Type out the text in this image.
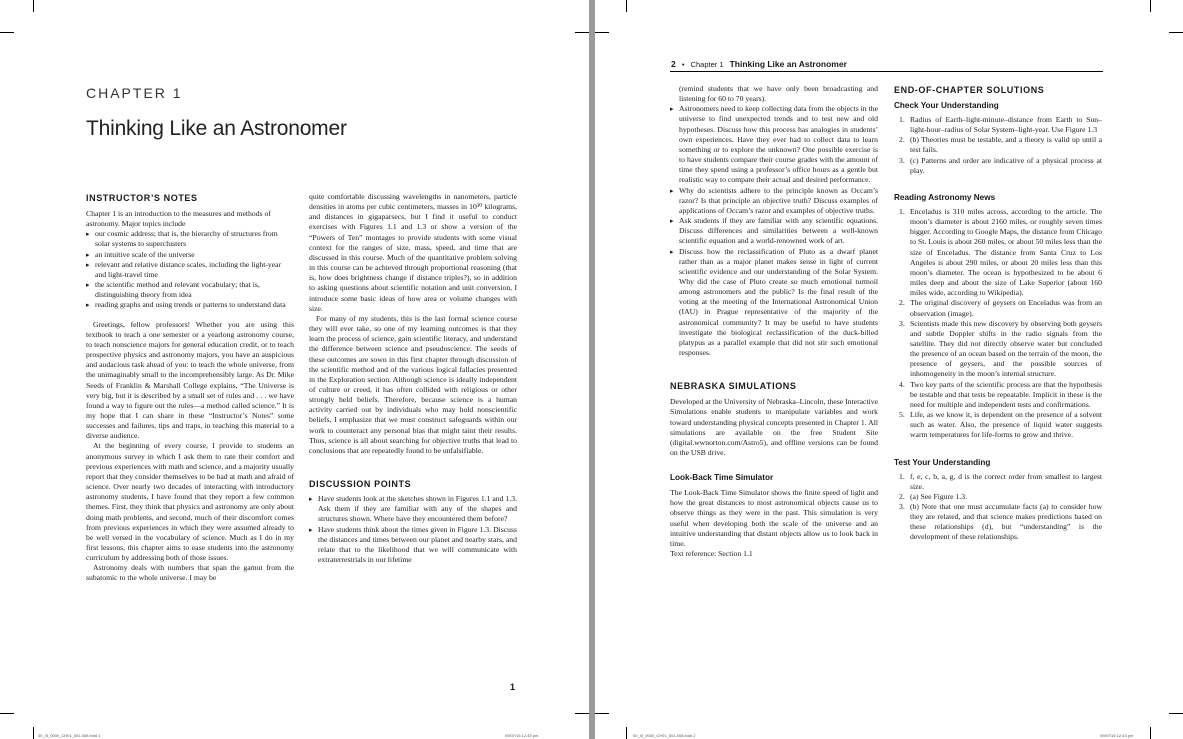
CHAPTER 1
Thinking Like an Astronomer
INSTRUCTOR’S NOTES

Chapter 1 is an introduction to the measures and methods of astronomy. Major topics include

▸ our cosmic address; that is, the hierarchy of structures from solar systems to superclusters
▸ an intuitive scale of the universe
▸ relevant and relative distance scales, including the light-year and light-travel time
▸ the scientific method and relevant vocabulary; that is, distinguishing theory from idea
▸ reading graphs and using trends or patterns to understand data

Greetings, fellow professors! Whether you are using this textbook to teach a one semester or a yearlong astronomy course, to teach nonscience majors for general education credit, or to teach prospective physics and astronomy majors, you have an auspicious and audacious task ahead of you: to teach the whole universe, from the unimaginably small to the incomprehensibly large. As Dr. Mike Seeds of Franklin & Marshall College explains, “The Universe is very big, but it is described by a small set of rules and . . . we have found a way to figure out the rules—a method called science.” It is my hope that I can share in these “Instructor’s Notes” some successes and failures, tips and traps, in teaching this material to a diverse audience.

At the beginning of every course, I provide to students an anonymous survey in which I ask them to rate their comfort and previous experiences with math and science, and a majority usually report that they consider themselves to be bad at math and afraid of science. Over nearly two decades of interacting with introductory astronomy students, I have found that they report a few common themes. First, they think that physics and astronomy are only about doing math problems, and second, much of their discomfort comes from previous experiences in which they were assumed already to be well versed in the vocabulary of science. Much as I do in my first lessons, this chapter aims to ease students into the astronomy curriculum by addressing both of those issues.

Astronomy deals with numbers that span the gamut from the subatomic to the whole universe. I may be

quite comfortable discussing wavelengths in nanometers, particle densities in atoms per cubic centimeters, masses in 10³⁰ kilograms, and distances in gigaparsecs, but I find it useful to conduct exercises with Figures 1.1 and 1.3 or show a version of the “Powers of Ten” montages to provide students with some visual context for the ranges of size, mass, speed, and time that are discussed in this course. Much of the quantitative problem solving in this course can be achieved through proportional reasoning (that is, how does brightness change if distance triples?), so in addition to asking questions about scientific notation and unit conversion, I introduce some basic ideas of how area or volume changes with size.

For many of my students, this is the last formal science course they will ever take, so one of my learning outcomes is that they learn the process of science, gain scientific literacy, and understand the difference between science and pseudoscience. The seeds of these outcomes are sown in this first chapter through discussion of the scientific method and of the various logical fallacies presented in the Exploration section. Although science is ideally independent of culture or creed, it has often collided with religious or other strongly held beliefs. Therefore, because science is a human activity carried out by individuals who may hold nonscientific beliefs, I emphasize that we must construct safeguards within our work to counteract any personal bias that might taint their results. Thus, science is all about searching for objective truths that lead to conclusions that are repeatedly found to be unfalsifiable.

DISCUSSION POINTS
▸ Have students look at the sketches shown in Figures 1.1 and 1.3. Ask them if they are familiar with any of the shapes and structures shown. Where have they encountered them before?
▸ Have students think about the times given in Figure 1.3. Discuss the distances and times between our planet and nearby stars, and relate that to the likelihood that we will communicate with extraterrestrials in our lifetime
1
00_III_0000_CH01_001-008.indd 1	09/07/16 12:43 pm
2 • Chapter 1 Thinking Like an Astronomer

(remind students that we have only been broadcasting and listening for 60 to 70 years).

▸ Astronomers need to keep collecting data from the objects in the universe to find unexpected trends and to test new and old hypotheses. Discuss how this process has analogies in students’ own experiences. Have they ever had to collect data to learn something or to explore the unknown? One possible exercise is to have students compare their course grades with the amount of time they spend using a professor’s office hours as a gentle but realistic way to compare their actual and desired performance.
▸ Why do scientists adhere to the principle known as Occam’s razor? Is that principle an objective truth? Discuss examples of applications of Occam’s razor and examples of objective truths.
▸ Ask students if they are familiar with any scientific equations. Discuss differences and similarities between a well-known scientific equation and a world-renowned work of art.
▸ Discuss how the reclassification of Pluto as a dwarf planet rather than as a major planet makes sense in light of current scientific evidence and our understanding of the Solar System. Why did the case of Pluto create so much emotional turmoil among astronomers and the public? Is the final result of the voting at the meeting of the International Astronomical Union (IAU) in Prague representative of the majority of the astronomical community? It may be useful to have students investigate the biological reclassification of the duck-billed platypus as a parallel example that did not stir such emotional responses.
NEBRASKA SIMULATIONS

Developed at the University of Nebraska–Lincoln, these Interactive Simulations enable students to manipulate variables and work toward understanding physical concepts presented in Chapter 1. All simulations are available on the free Student Site (digital.wwnorton.com/Astro5), and offline versions can be found on the USB drive.

Look-Back Time Simulator

The Look-Back Time Simulator shows the finite speed of light and how the great distances to most astronomical objects cause us to observe things as they were in the past. This simulation is very useful when developing both the scale of the universe and an intuitive understanding that distant objects allow us to look back in time.

Text reference: Section 1.1

END-OF-CHAPTER SOLUTIONS
Check Your Understanding
1. Radius of Earth–light-minute–distance from Earth to Sun–light-hour–radius of Solar System–light-year. Use Figure 1.3
2. (b) Theories must be testable, and a theory is valid up until a test fails.
3. (c) Patterns and order are indicative of a physical process at play.
Reading Astronomy News
1. Enceladus is 310 miles across, according to the article. The moon’s diameter is about 2160 miles, or roughly seven times bigger. According to Google Maps, the distance from Chicago to St. Louis is about 260 miles, or about 50 miles less than the size of Enceladus. The distance from Santa Cruz to Los Angeles is about 290 miles, or about 20 miles less than this moon’s diameter. The ocean is hypothesized to be about 6 miles deep and about the size of Lake Superior (about 160 miles wide, according to Wikipedia).
2. The original discovery of geysers on Enceladus was from an observation (image).
3. Scientists made this new discovery by observing both geysers and subtle Doppler shifts in the radio signals from the satellite. They did not directly observe water but concluded the presence of an ocean based on the terrain of the moon, the presence of geysers, and the possible sources of inhomogeneity in the moon’s internal structure.
4. Two key parts of the scientific process are that the hypothesis be testable and that tests be repeatable. Implicit in these is the need for multiple and independent tests and confirmations.
5. Life, as we know it, is dependent on the presence of a solvent such as water. Also, the presence of liquid water suggests warm temperatures for life-forms to grow and thrive.
Test Your Understanding
1. f, e, c, b, a, g, d is the correct order from smallest to largest size.
2. (a) See Figure 1.3.
3. (b) Note that one must accumulate facts (a) to consider how they are related, and that science makes predictions based on these relationships (d), but “understanding” is the development of these relationships.
00_III_0000_CH01_001-008.indd 2	09/07/16 12:43 pm
